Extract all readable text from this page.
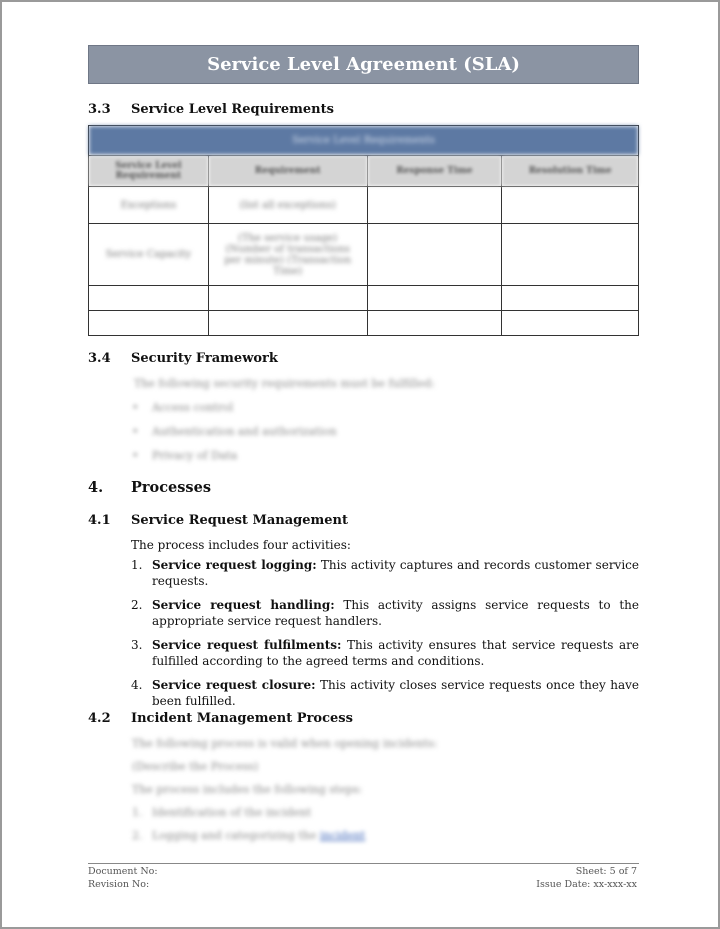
Service Level Agreement (SLA)
3.3 Service Level Requirements
Service Level Requirements			
Service Level Requirement	Requirement	Response Time	Resolution Time
Exceptions	(list all exceptions)		
Service Capacity	(The service usage) (Number of transactions per minute) (Transaction Time)		

3.4 Security Framework
The following security requirements must be fulfilled:
• Access control
• Authentication and authorization
• Privacy of Data
4. Processes
4.1 Service Request Management
The process includes four activities:
1. Service request logging: This activity captures and records customer service requests.
2. Service request handling: This activity assigns service requests to the appropriate service request handlers.
3. Service request fulfilments: This activity ensures that service requests are fulfilled according to the agreed terms and conditions.
4. Service request closure: This activity closes service requests once they have been fulfilled.
4.2 Incident Management Process
The following process is valid when opening incidents:
(Describe the Process)
The process includes the following steps:
1. Identification of the incident
2. Logging and categorizing the incident
Document No:
Revision No:
Sheet: 5 of 7
Issue Date: xx-xxx-xx
